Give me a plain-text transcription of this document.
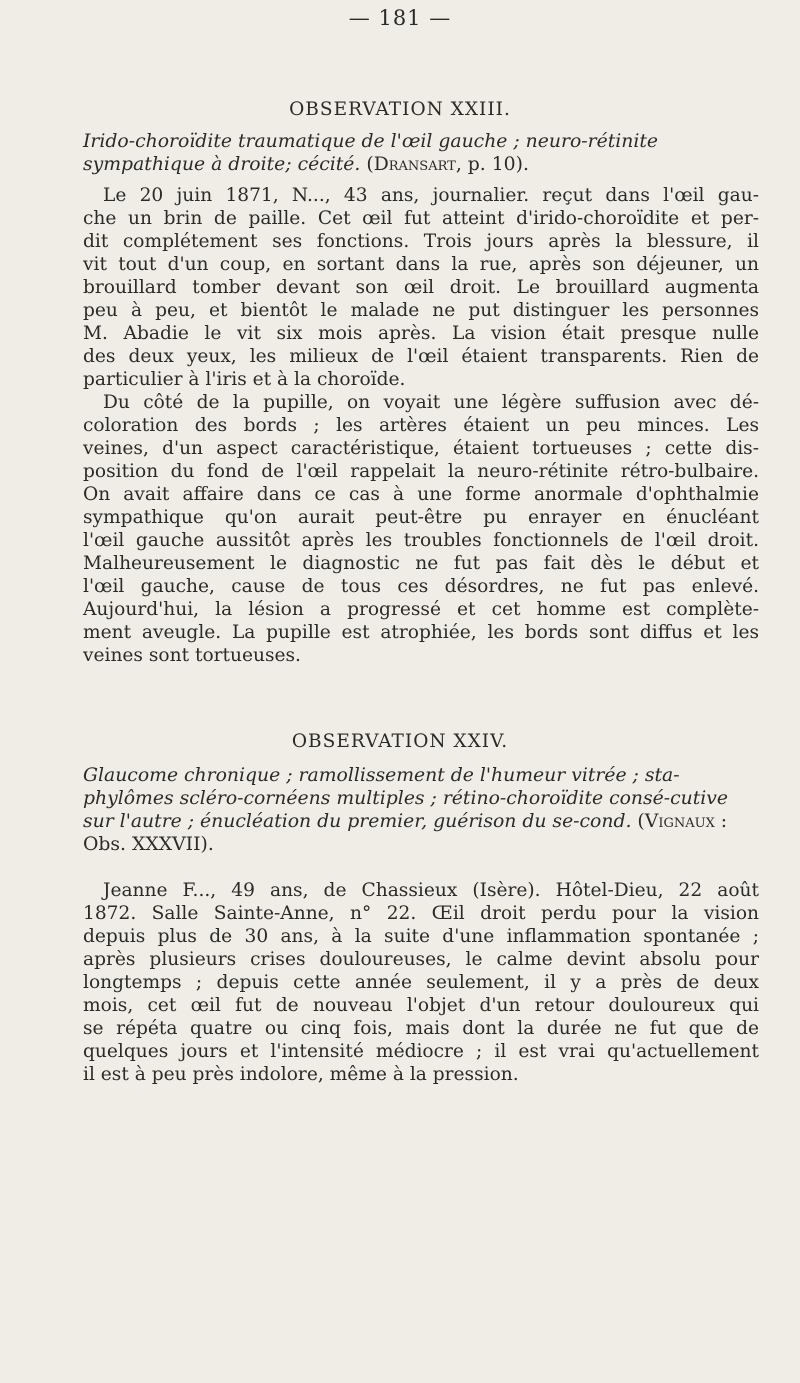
— 181 —
OBSERVATION XXIII.
Irido-choroïdite traumatique de l'œil gauche ; neuro-rétinite sympathique à droite; cécité. (Dransart, p. 10).
Le 20 juin 1871, N..., 43 ans, journalier. reçut dans l'œil gau-
che un brin de paille. Cet œil fut atteint d'irido-choroïdite et per-
dit complétement ses fonctions. Trois jours après la blessure, il
vit tout d'un coup, en sortant dans la rue, après son déjeuner, un
brouillard tomber devant son œil droit. Le brouillard augmenta
peu à peu, et bientôt le malade ne put distinguer les personnes
M. Abadie le vit six mois après. La vision était presque nulle
des deux yeux, les milieux de l'œil étaient transparents. Rien de
particulier à l'iris et à la choroïde.
Du côté de la pupille, on voyait une légère suffusion avec dé-
coloration des bords ; les artères étaient un peu minces. Les
veines, d'un aspect caractéristique, étaient tortueuses ; cette dis-
position du fond de l'œil rappelait la neuro-rétinite rétro-bulbaire.
On avait affaire dans ce cas à une forme anormale d'ophthalmie
sympathique qu'on aurait peut-être pu enrayer en énucléant
l'œil gauche aussitôt après les troubles fonctionnels de l'œil droit.
Malheureusement le diagnostic ne fut pas fait dès le début et
l'œil gauche, cause de tous ces désordres, ne fut pas enlevé.
Aujourd'hui, la lésion a progressé et cet homme est complète-
ment aveugle. La pupille est atrophiée, les bords sont diffus et les
veines sont tortueuses.
OBSERVATION XXIV.
Glaucome chronique ; ramollissement de l'humeur vitrée ; sta-phylômes scléro-cornéens multiples ; rétino-choroïdite consé-cutive sur l'autre ; énucléation du premier, guérison du se-cond. (Vignaux : Obs. XXXVII).
Jeanne F..., 49 ans, de Chassieux (Isère). Hôtel-Dieu, 22 août
1872. Salle Sainte-Anne, n° 22. Œil droit perdu pour la vision
depuis plus de 30 ans, à la suite d'une inflammation spontanée ;
après plusieurs crises douloureuses, le calme devint absolu pour
longtemps ; depuis cette année seulement, il y a près de deux
mois, cet œil fut de nouveau l'objet d'un retour douloureux qui
se répéta quatre ou cinq fois, mais dont la durée ne fut que de
quelques jours et l'intensité médiocre ; il est vrai qu'actuellement
il est à peu près indolore, même à la pression.
